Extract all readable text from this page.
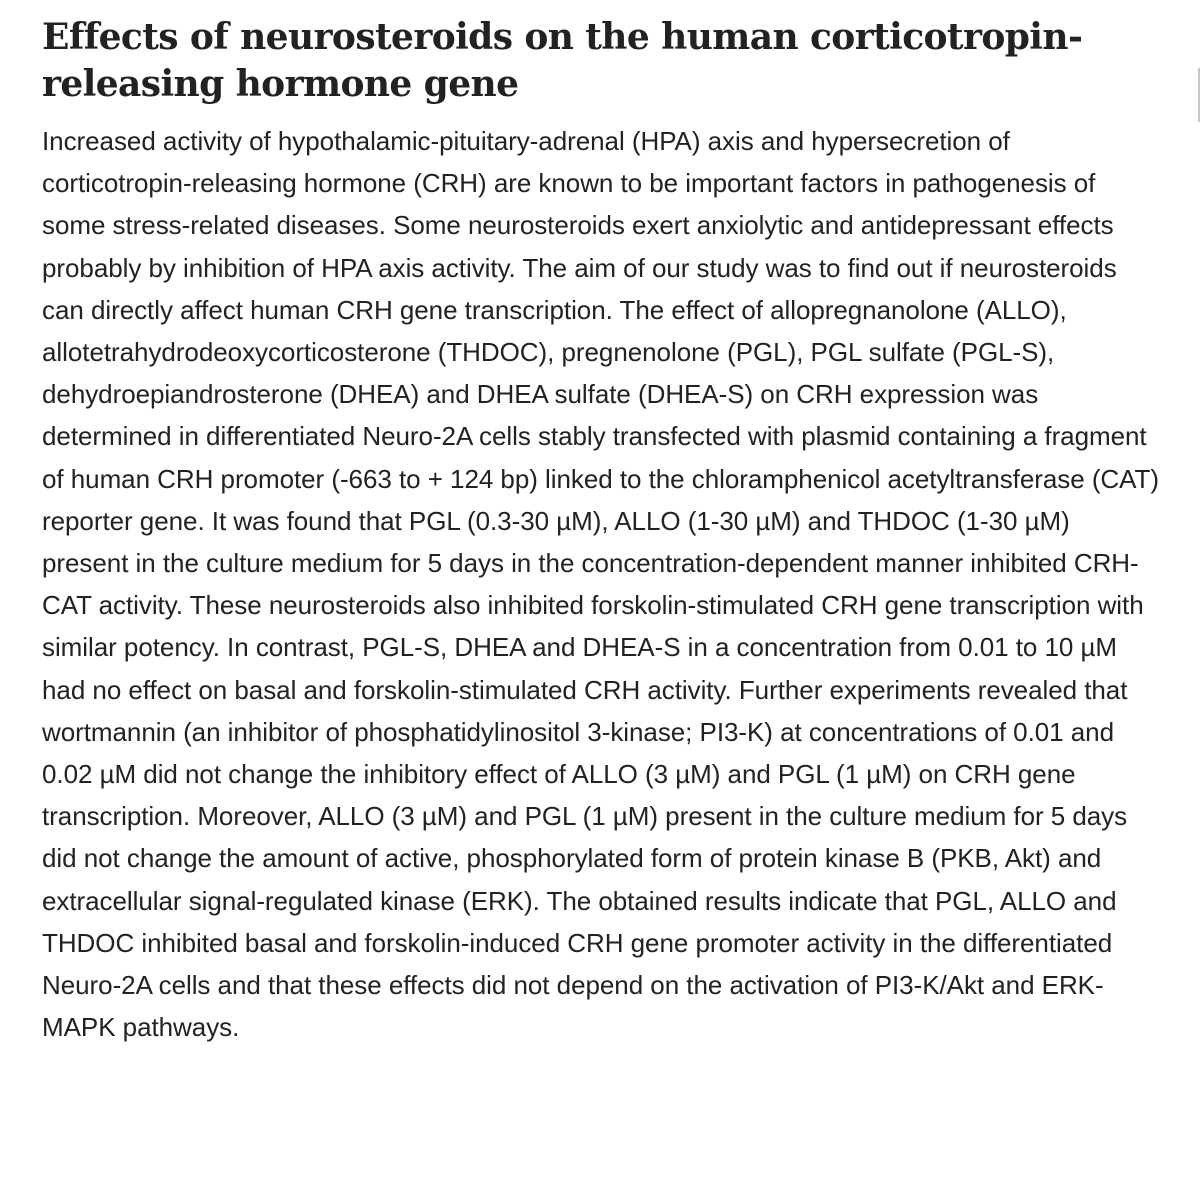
Effects of neurosteroids on the human corticotropin-releasing hormone gene

Increased activity of hypothalamic-pituitary-adrenal (HPA) axis and hypersecretion of corticotropin-releasing hormone (CRH) are known to be important factors in pathogenesis of some stress-related diseases. Some neurosteroids exert anxiolytic and antidepressant effects probably by inhibition of HPA axis activity. The aim of our study was to find out if neurosteroids can directly affect human CRH gene transcription. The effect of allopregnanolone (ALLO), allotetrahydrodeoxycorticosterone (THDOC), pregnenolone (PGL), PGL sulfate (PGL-S), dehydroepiandrosterone (DHEA) and DHEA sulfate (DHEA-S) on CRH expression was determined in differentiated Neuro-2A cells stably transfected with plasmid containing a fragment of human CRH promoter (-663 to + 124 bp) linked to the chloramphenicol acetyltransferase (CAT) reporter gene. It was found that PGL (0.3-30 µM), ALLO (1-30 µM) and THDOC (1-30 µM) present in the culture medium for 5 days in the concentration-dependent manner inhibited CRH-CAT activity. These neurosteroids also inhibited forskolin-stimulated CRH gene transcription with similar potency. In contrast, PGL-S, DHEA and DHEA-S in a concentration from 0.01 to 10 µM had no effect on basal and forskolin-stimulated CRH activity. Further experiments revealed that wortmannin (an inhibitor of phosphatidylinositol 3-kinase; PI3-K) at concentrations of 0.01 and 0.02 µM did not change the inhibitory effect of ALLO (3 µM) and PGL (1 µM) on CRH gene transcription. Moreover, ALLO (3 µM) and PGL (1 µM) present in the culture medium for 5 days did not change the amount of active, phosphorylated form of protein kinase B (PKB, Akt) and extracellular signal-regulated kinase (ERK). The obtained results indicate that PGL, ALLO and THDOC inhibited basal and forskolin-induced CRH gene promoter activity in the differentiated Neuro-2A cells and that these effects did not depend on the activation of PI3-K/Akt and ERK-MAPK pathways.
